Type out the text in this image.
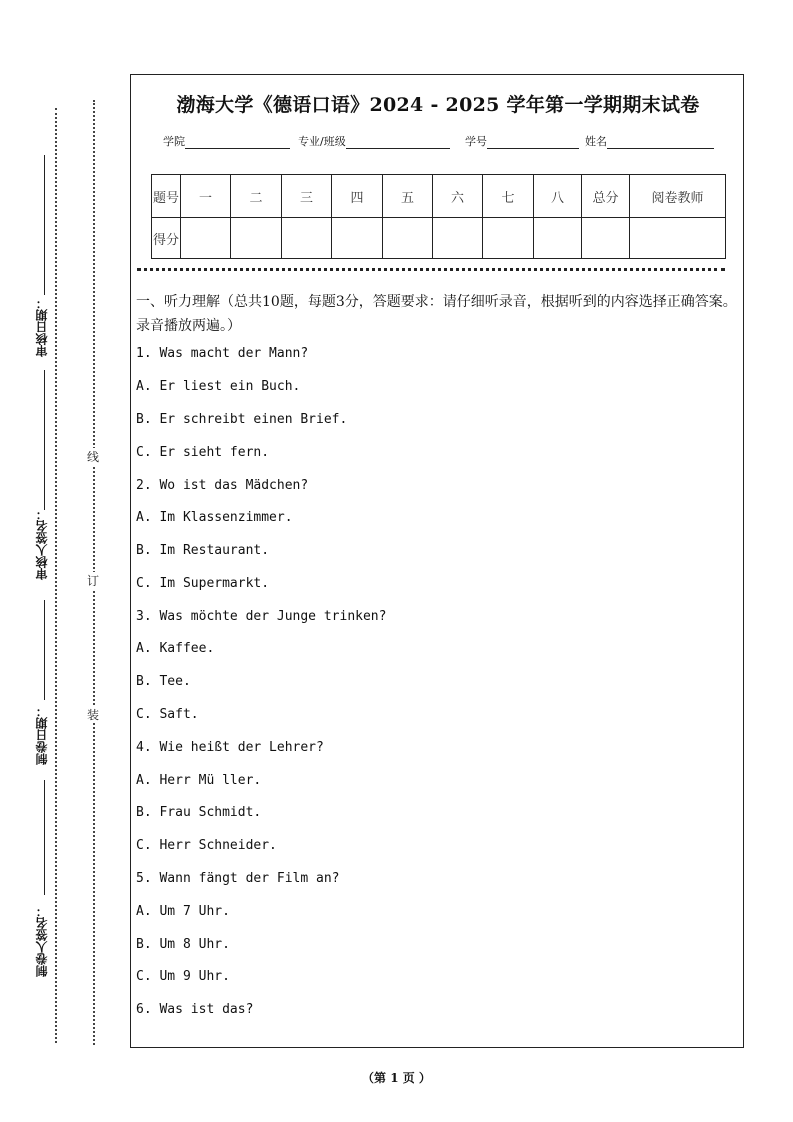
审核日期：
审核人签名：
制卷日期：
制卷人签名：
线
订
装
渤海大学《德语口语》2024 - 2025 学年第一学期期末试卷
学院	专业/班级	学号	姓名
题号	一	二	三	四	五	六	七	八	总分	阅卷教师
得分										

一、听力理解（总共10题，每题3分，答题要求：请仔细听录音，根据听到的内容选择正确答案。录音播放两遍。）

1. Was macht der Mann?
A. Er liest ein Buch.
B. Er schreibt einen Brief.
C. Er sieht fern.
2. Wo ist das Mädchen?
A. Im Klassenzimmer.
B. Im Restaurant.
C. Im Supermarkt.
3. Was möchte der Junge trinken?
A. Kaffee.
B. Tee.
C. Saft.
4. Wie heißt der Lehrer?
A. Herr Mü ller.
B. Frau Schmidt.
C. Herr Schneider.
5. Wann fängt der Film an?
A. Um 7 Uhr.
B. Um 8 Uhr.
C. Um 9 Uhr.
6. Was ist das?
（第 1 页 ）
